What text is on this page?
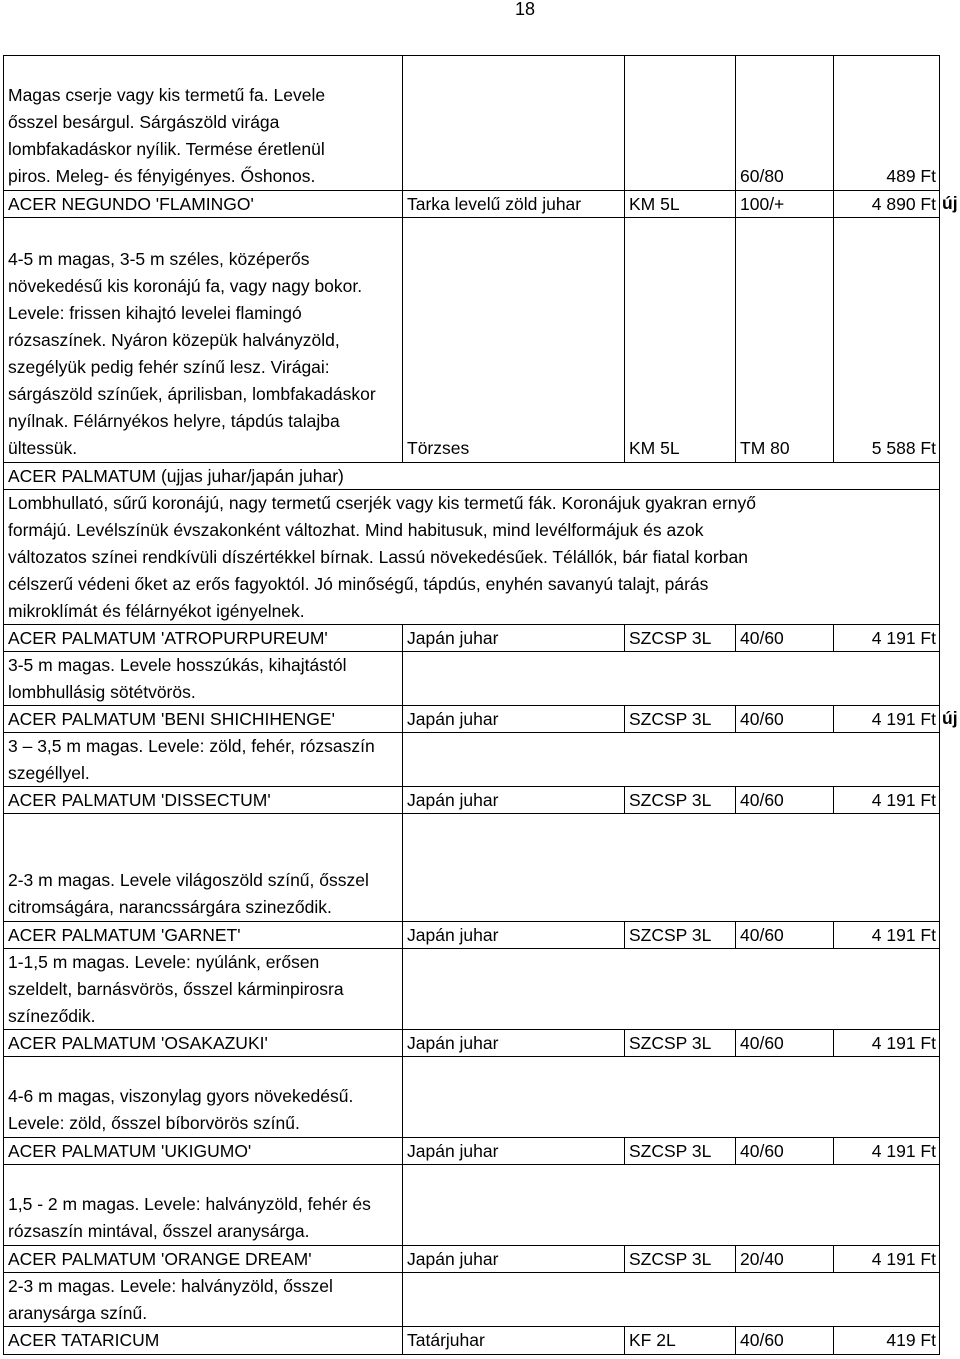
18
Magas cserje vagy kis termetű fa. Levele
ősszel besárgul. Sárgászöld virága
lombfakadáskor nyílik. Termése éretlenül
piros. Meleg- és fényigényes. Őshonos.	60/80	489 Ft
ACER NEGUNDO 'FLAMINGO'	Tarka levelű zöld juhar	KM 5L	100/+	4 890 Ft
4-5 m magas, 3-5 m széles, középerős
növekedésű kis koronájú fa, vagy nagy bokor.
Levele: frissen kihajtó levelei flamingó
rózsaszínek. Nyáron közepük halványzöld,
szegélyük pedig fehér színű lesz. Virágai:
sárgászöld színűek, áprilisban, lombfakadáskor
nyílnak. Félárnyékos helyre, tápdús talajba
ültessük.	Törzses	KM 5L	TM 80	5 588 Ft
ACER PALMATUM (ujjas juhar/japán juhar)
Lombhullató, sűrű koronájú, nagy termetű cserjék vagy kis termetű fák. Koronájuk gyakran ernyő
formájú. Levélszínük évszakonként változhat. Mind habitusuk, mind levélformájuk és azok
változatos színei rendkívüli díszértékkel bírnak. Lassú növekedésűek. Télállók, bár fiatal korban
célszerű védeni őket az erős fagyoktól. Jó minőségű, tápdús, enyhén savanyú talajt, párás
mikroklímát és félárnyékot igényelnek.
ACER PALMATUM 'ATROPURPUREUM'	Japán juhar	SZCSP 3L	40/60	4 191 Ft
3-5 m magas. Levele hosszúkás, kihajtástól
lombhullásig sötétvörös.
ACER PALMATUM 'BENI SHICHIHENGE'	Japán juhar	SZCSP 3L	40/60	4 191 Ft
3 – 3,5 m magas. Levele: zöld, fehér, rózsaszín
szegéllyel.
ACER PALMATUM 'DISSECTUM'	Japán juhar	SZCSP 3L	40/60	4 191 Ft
2-3 m magas. Levele világoszöld színű, ősszel
citromságára, narancssárgára szineződik.
ACER PALMATUM 'GARNET'	Japán juhar	SZCSP 3L	40/60	4 191 Ft
1-1,5 m magas. Levele: nyúlánk, erősen
szeldelt, barnásvörös, ősszel kárminpirosra
színeződik.
ACER PALMATUM 'OSAKAZUKI'	Japán juhar	SZCSP 3L	40/60	4 191 Ft
4-6 m magas, viszonylag gyors növekedésű.
Levele: zöld, ősszel bíborvörös színű.
ACER PALMATUM 'UKIGUMO'	Japán juhar	SZCSP 3L	40/60	4 191 Ft
1,5 - 2 m magas. Levele: halványzöld, fehér és
rózsaszín mintával, ősszel aranysárga.
ACER PALMATUM 'ORANGE DREAM'	Japán juhar	SZCSP 3L	20/40	4 191 Ft
2-3 m magas. Levele: halványzöld, ősszel
aranysárga színű.
ACER TATARICUM	Tatárjuhar	KF 2L	40/60	419 Ft
új
új
